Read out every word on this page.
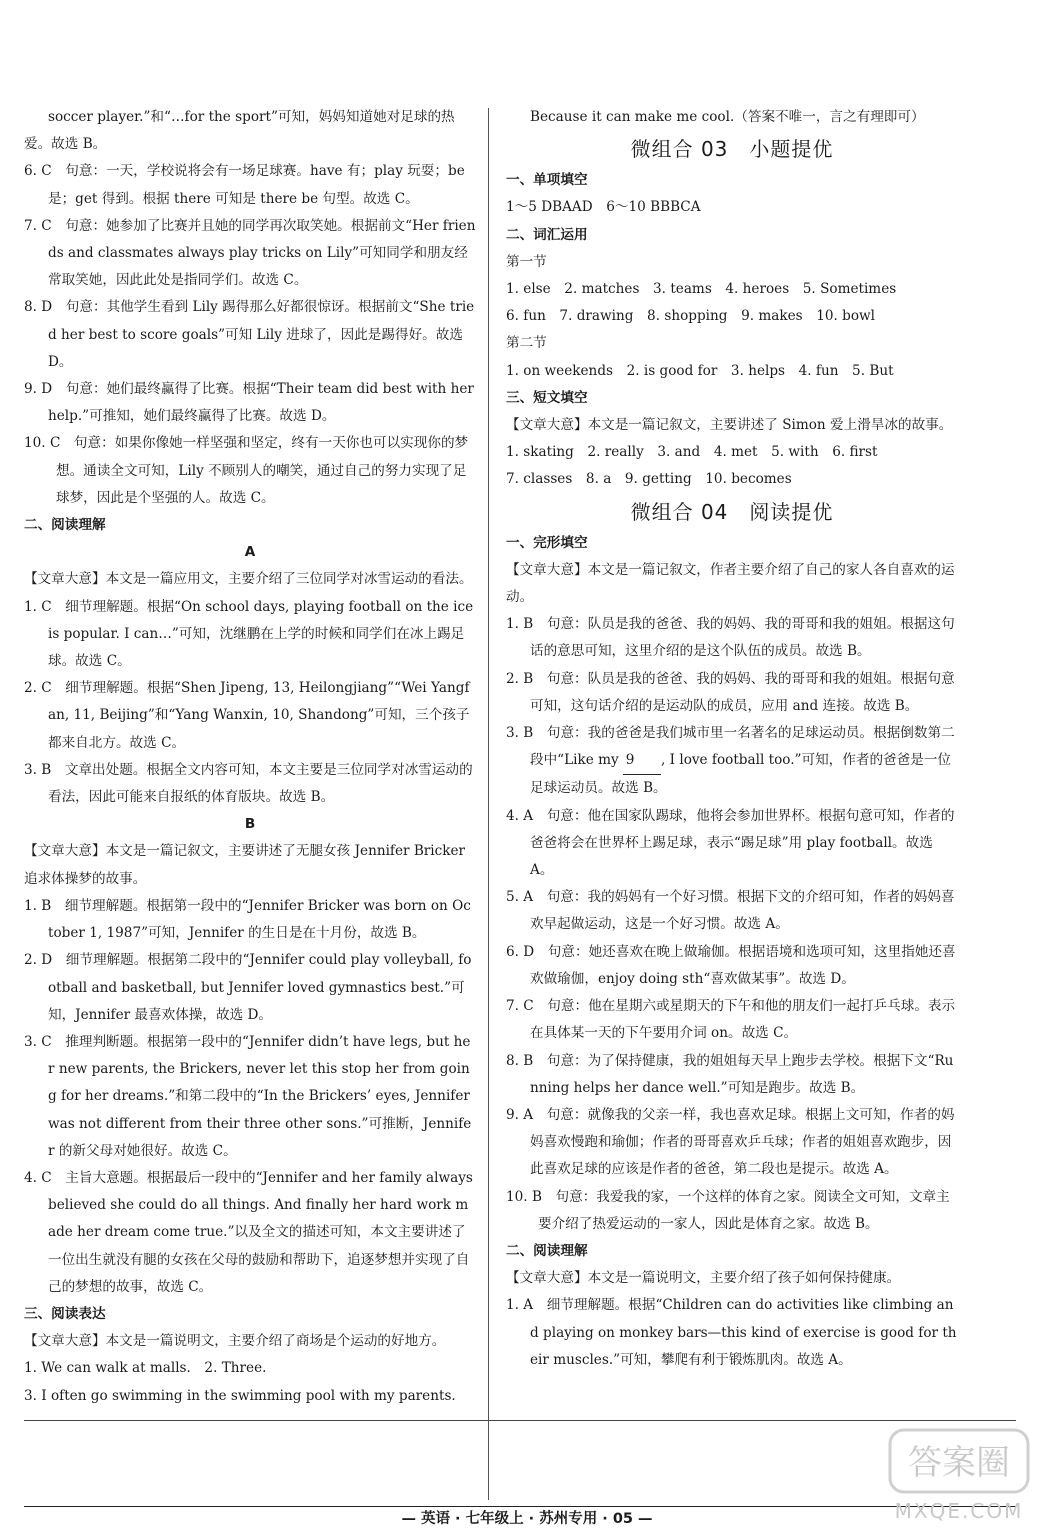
soccer player.”和“…for the sport”可知，妈妈知道她对足球的热爱。故选 B。

6. C　句意：一天，学校说将会有一场足球赛。have 有；play 玩耍；be 是；get 得到。根据 there 可知是 there be 句型。故选 C。

7. C　句意：她参加了比赛并且她的同学再次取笑她。根据前文“Her friends and classmates always play tricks on Lily”可知同学和朋友经常取笑她，因此此处是指同学们。故选 C。

8. D　句意：其他学生看到 Lily 踢得那么好都很惊讶。根据前文“She tried her best to score goals”可知 Lily 进球了，因此是踢得好。故选 D。

9. D　句意：她们最终赢得了比赛。根据“Their team did best with her help.”可推知，她们最终赢得了比赛。故选 D。

10. C　句意：如果你像她一样坚强和坚定，终有一天你也可以实现你的梦想。通读全文可知，Lily 不顾别人的嘲笑，通过自己的努力实现了足球梦，因此是个坚强的人。故选 C。

二、阅读理解

A

【文章大意】本文是一篇应用文，主要介绍了三位同学对冰雪运动的看法。

1. C　细节理解题。根据“On school days, playing football on the ice is popular. I can…”可知，沈继鹏在上学的时候和同学们在冰上踢足球。故选 C。

2. C　细节理解题。根据“Shen Jipeng, 13, Heilongjiang”“Wei Yangfan, 11, Beijing”和“Yang Wanxin, 10, Shandong”可知，三个孩子都来自北方。故选 C。

3. B　文章出处题。根据全文内容可知，本文主要是三位同学对冰雪运动的看法，因此可能来自报纸的体育版块。故选 B。

B

【文章大意】本文是一篇记叙文，主要讲述了无腿女孩 Jennifer Bricker 追求体操梦的故事。

1. B　细节理解题。根据第一段中的“Jennifer Bricker was born on October 1, 1987”可知，Jennifer 的生日是在十月份，故选 B。

2. D　细节理解题。根据第二段中的“Jennifer could play volleyball, football and basketball, but Jennifer loved gymnastics best.”可知，Jennifer 最喜欢体操，故选 D。

3. C　推理判断题。根据第一段中的“Jennifer didn’t have legs, but her new parents, the Brickers, never let this stop her from going for her dreams.”和第二段中的“In the Brickers’ eyes, Jennifer was not different from their three other sons.”可推断，Jennifer 的新父母对她很好。故选 C。

4. C　主旨大意题。根据最后一段中的“Jennifer and her family always believed she could do all things. And finally her hard work made her dream come true.”以及全文的描述可知，本文主要讲述了一位出生就没有腿的女孩在父母的鼓励和帮助下，追逐梦想并实现了自己的梦想的故事，故选 C。

三、阅读表达

【文章大意】本文是一篇说明文，主要介绍了商场是个运动的好地方。

1. We can walk at malls.　2. Three.

3. I often go swimming in the swimming pool with my parents.

Because it can make me cool.（答案不唯一，言之有理即可）

微组合 03　小题提优

一、单项填空

1～5 DBAAD　6～10 BBBCA

二、词汇运用

第一节

1. else　2. matches　3. teams　4. heroes　5. Sometimes

6. fun　7. drawing　8. shopping　9. makes　10. bowl

第二节

1. on weekends　2. is good for　3. helps　4. fun　5. But

三、短文填空

【文章大意】本文是一篇记叙文，主要讲述了 Simon 爱上滑旱冰的故事。

1. skating　2. really　3. and　4. met　5. with　6. first

7. classes　8. a　9. getting　10. becomes

微组合 04　阅读提优

一、完形填空

【文章大意】本文是一篇记叙文，作者主要介绍了自己的家人各自喜欢的运动。

1. B　句意：队员是我的爸爸、我的妈妈、我的哥哥和我的姐姐。根据这句话的意思可知，这里介绍的是这个队伍的成员。故选 B。

2. B　句意：队员是我的爸爸、我的妈妈、我的哥哥和我的姐姐。根据句意可知，这句话介绍的是运动队的成员，应用 and 连接。故选 B。

3. B　句意：我的爸爸是我们城市里一名著名的足球运动员。根据倒数第二段中“Like my 9 , I love football too.”可知，作者的爸爸是一位足球运动员。故选 B。

4. A　句意：他在国家队踢球，他将会参加世界杯。根据句意可知，作者的爸爸将会在世界杯上踢足球，表示“踢足球”用 play football。故选 A。

5. A　句意：我的妈妈有一个好习惯。根据下文的介绍可知，作者的妈妈喜欢早起做运动，这是一个好习惯。故选 A。

6. D　句意：她还喜欢在晚上做瑜伽。根据语境和选项可知，这里指她还喜欢做瑜伽，enjoy doing sth“喜欢做某事”。故选 D。

7. C　句意：他在星期六或星期天的下午和他的朋友们一起打乒乓球。表示在具体某一天的下午要用介词 on。故选 C。

8. B　句意：为了保持健康，我的姐姐每天早上跑步去学校。根据下文“Running helps her dance well.”可知是跑步。故选 B。

9. A　句意：就像我的父亲一样，我也喜欢足球。根据上文可知，作者的妈妈喜欢慢跑和瑜伽；作者的哥哥喜欢乒乓球；作者的姐姐喜欢跑步，因此喜欢足球的应该是作者的爸爸，第二段也是提示。故选 A。

10. B　句意：我爱我的家，一个这样的体育之家。阅读全文可知，文章主要介绍了热爱运动的一家人，因此是体育之家。故选 B。

二、阅读理解

【文章大意】本文是一篇说明文，主要介绍了孩子如何保持健康。

1. A　细节理解题。根据“Children can do activities like climbing and playing on monkey bars—this kind of exercise is good for their muscles.”可知，攀爬有利于锻炼肌肉。故选 A。

— 英语 · 七年级上 · 苏州专用 · 05 —
答案圈
MXQE.COM
